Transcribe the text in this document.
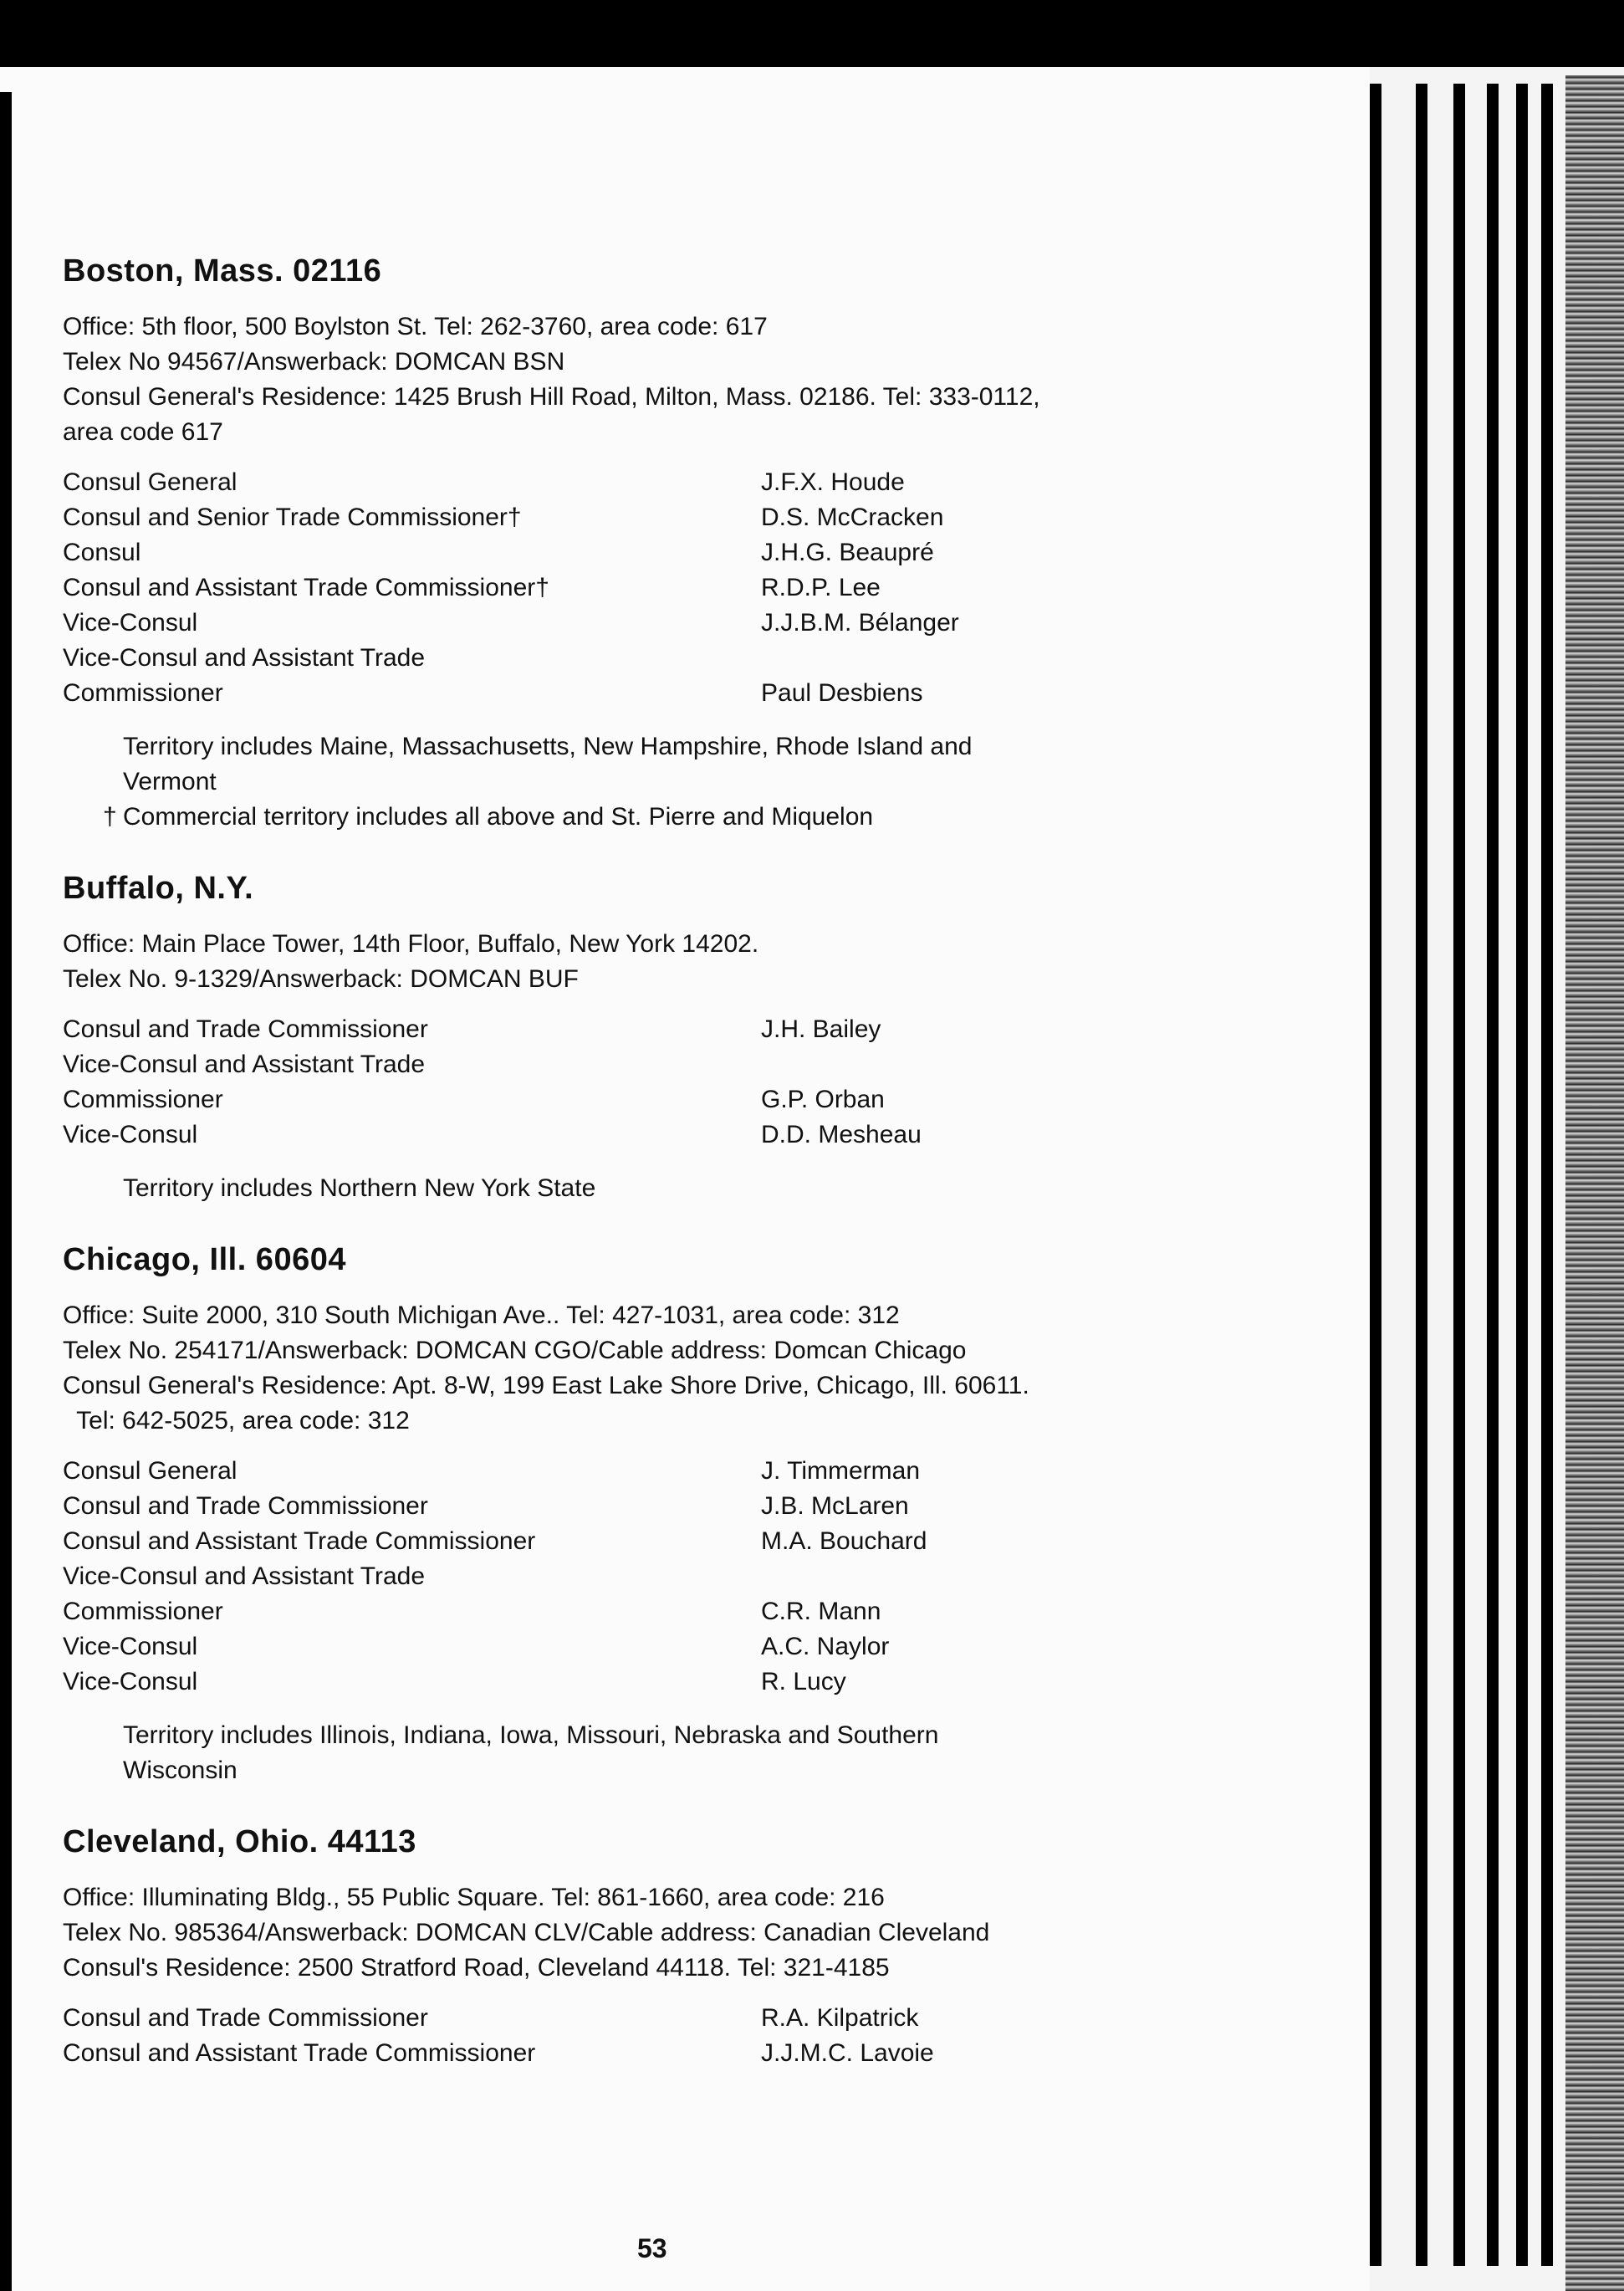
Boston, Mass. 02116
Office: 5th floor, 500 Boylston St. Tel: 262-3760, area code: 617
Telex No 94567/Answerback: DOMCAN BSN
Consul General's Residence: 1425 Brush Hill Road, Milton, Mass. 02186. Tel: 333-0112,
area code 617
Consul General	J.F.X. Houde
Consul and Senior Trade Commissioner†	D.S. McCracken
Consul	J.H.G. Beaupré
Consul and Assistant Trade Commissioner†	R.D.P. Lee
Vice-Consul	J.J.B.M. Bélanger
Vice-Consul and Assistant Trade
Commissioner	Paul Desbiens
Territory includes Maine, Massachusetts, New Hampshire, Rhode Island and
Vermont
† Commercial territory includes all above and St. Pierre and Miquelon
Buffalo, N.Y.
Office: Main Place Tower, 14th Floor, Buffalo, New York 14202.
Telex No. 9-1329/Answerback: DOMCAN BUF
Consul and Trade Commissioner	J.H. Bailey
Vice-Consul and Assistant Trade
Commissioner	G.P. Orban
Vice-Consul	D.D. Mesheau
Territory includes Northern New York State
Chicago, Ill. 60604
Office: Suite 2000, 310 South Michigan Ave.. Tel: 427-1031, area code: 312
Telex No. 254171/Answerback: DOMCAN CGO/Cable address: Domcan Chicago
Consul General's Residence: Apt. 8-W, 199 East Lake Shore Drive, Chicago, Ill. 60611.
Tel: 642-5025, area code: 312
Consul General	J. Timmerman
Consul and Trade Commissioner	J.B. McLaren
Consul and Assistant Trade Commissioner	M.A. Bouchard
Vice-Consul and Assistant Trade
Commissioner	C.R. Mann
Vice-Consul	A.C. Naylor
Vice-Consul	R. Lucy
Territory includes Illinois, Indiana, Iowa, Missouri, Nebraska and Southern
Wisconsin
Cleveland, Ohio. 44113
Office: Illuminating Bldg., 55 Public Square. Tel: 861-1660, area code: 216
Telex No. 985364/Answerback: DOMCAN CLV/Cable address: Canadian Cleveland
Consul's Residence: 2500 Stratford Road, Cleveland 44118. Tel: 321-4185
Consul and Trade Commissioner	R.A. Kilpatrick
Consul and Assistant Trade Commissioner	J.J.M.C. Lavoie
53
